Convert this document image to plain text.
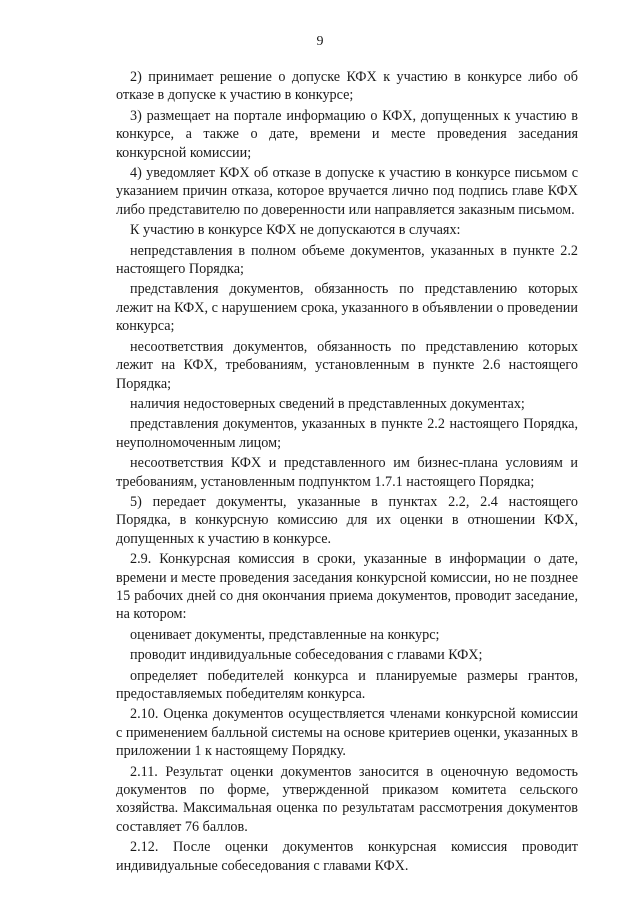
9

2) принимает решение о допуске КФХ к участию в конкурсе либо об отказе в допуске к участию в конкурсе;

3) размещает на портале информацию о КФХ, допущенных к участию в конкурсе, а также о дате, времени и месте проведения заседания конкурсной комиссии;

4) уведомляет КФХ об отказе в допуске к участию в конкурсе письмом с указанием причин отказа, которое вручается лично под подпись главе КФХ либо представителю по доверенности или направляется заказным письмом.

К участию в конкурсе КФХ не допускаются в случаях:

непредставления в полном объеме документов, указанных в пункте 2.2 настоящего Порядка;

представления документов, обязанность по представлению которых лежит на КФХ, с нарушением срока, указанного в объявлении о проведении конкурса;

несоответствия документов, обязанность по представлению которых лежит на КФХ, требованиям, установленным в пункте 2.6 настоящего Порядка;

наличия недостоверных сведений в представленных документах;

представления документов, указанных в пункте 2.2 настоящего Порядка, неуполномоченным лицом;

несоответствия КФХ и представленного им бизнес-плана условиям и требованиям, установленным подпунктом 1.7.1 настоящего Порядка;

5) передает документы, указанные в пунктах 2.2, 2.4 настоящего Порядка, в конкурсную комиссию для их оценки в отношении КФХ, допущенных к участию в конкурсе.

2.9. Конкурсная комиссия в сроки, указанные в информации о дате, времени и месте проведения заседания конкурсной комиссии, но не позднее 15 рабочих дней со дня окончания приема документов, проводит заседание, на котором:

оценивает документы, представленные на конкурс;

проводит индивидуальные собеседования с главами КФХ;

определяет победителей конкурса и планируемые размеры грантов, предоставляемых победителям конкурса.

2.10. Оценка документов осуществляется членами конкурсной комиссии с применением балльной системы на основе критериев оценки, указанных в приложении 1 к настоящему Порядку.

2.11. Результат оценки документов заносится в оценочную ведомость документов по форме, утвержденной приказом комитета сельского хозяйства. Максимальная оценка по результатам рассмотрения документов составляет 76 баллов.

2.12. После оценки документов конкурсная комиссия проводит индивидуальные собеседования с главами КФХ.
